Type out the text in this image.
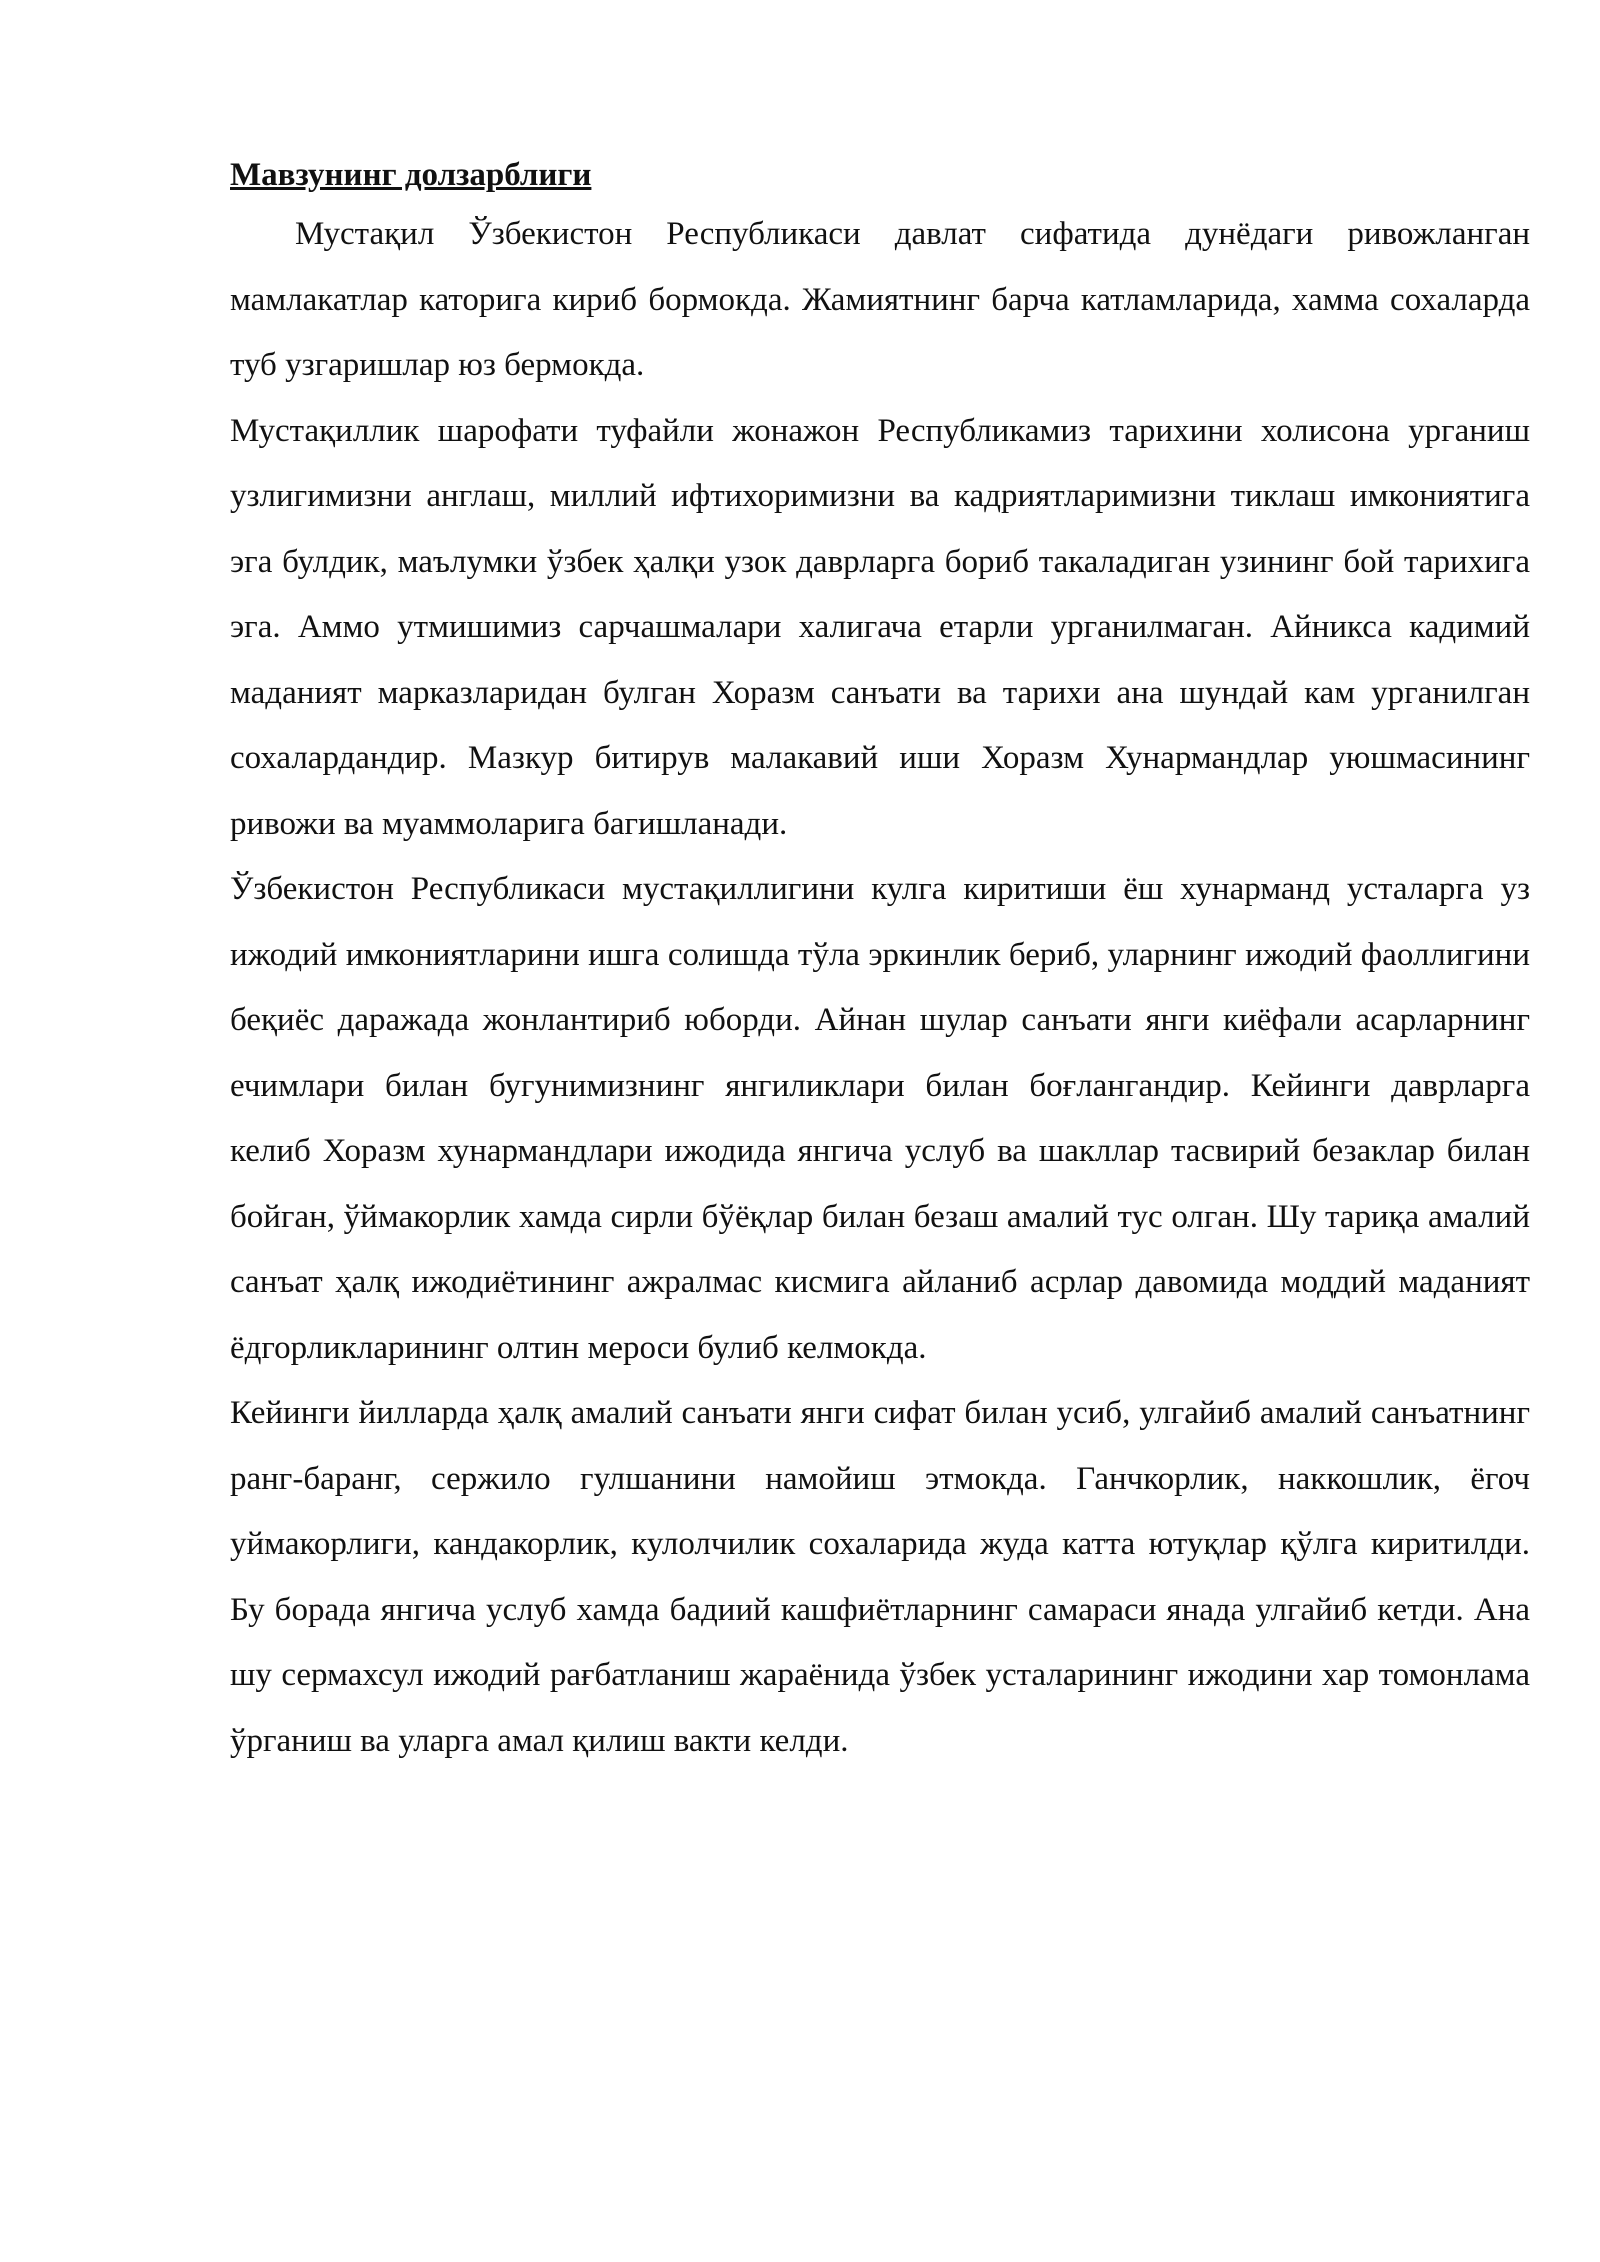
Мавзунинг долзарблиги

Мустақил Ўзбекистон Республикаси давлат сифатида дунёдаги ривожланган мамлакатлар каторига кириб бормокда. Жамиятнинг барча катламларида, хамма сохаларда туб узгаришлар юз бермокда.

Мустақиллик шарофати туфайли жонажон Республикамиз тарихини холисона урганиш узлигимизни англаш, миллий ифтихоримизни ва кадриятларимизни тиклаш имкониятига эга булдик, маълумки ўзбек ҳалқи узок даврларга бориб такаладиган узининг бой тарихига эга. Аммо утмишимиз сарчашмалари халигача етарли урганилмаган. Айникса кадимий маданият марказларидан булган Хоразм санъати ва тарихи ана шундай кам урганилган сохалардандир. Мазкур битирув малакавий иши Хоразм Хунармандлар уюшмасининг ривожи ва муаммоларига багишланади.

Ўзбекистон Республикаси мустақиллигини кулга киритиши ёш хунарманд усталарга уз ижодий имкониятларини ишга солишда тўла эркинлик бериб, уларнинг ижодий фаоллигини беқиёс даражада жонлантириб юборди. Айнан шулар санъати янги киёфали асарларнинг ечимлари билан бугунимизнинг янгиликлари билан боғлангандир. Кейинги даврларга келиб Хоразм хунармандлари ижодида янгича услуб ва шакллар тасвирий безаклар билан бойган, ўймакорлик хамда сирли бўёқлар билан безаш амалий тус олган. Шу тариқа амалий санъат ҳалқ ижодиётининг ажралмас кисмига айланиб асрлар давомида моддий маданият ёдгорликларининг олтин мероси булиб келмокда.

Кейинги йилларда ҳалқ амалий санъати янги сифат билан усиб, улгайиб амалий санъатнинг ранг-баранг, сержило гулшанини намойиш этмокда. Ганчкорлик, наккошлик, ёгоч уймакорлиги, кандакорлик, кулолчилик сохаларида жуда катта ютуқлар қўлга киритилди. Бу борада янгича услуб хамда бадиий кашфиётларнинг самараси янада улгайиб кетди. Ана шу сермахсул ижодий рағбатланиш жараёнида ўзбек усталарининг ижодини хар томонлама ўрганиш ва уларга амал қилиш вакти келди.
